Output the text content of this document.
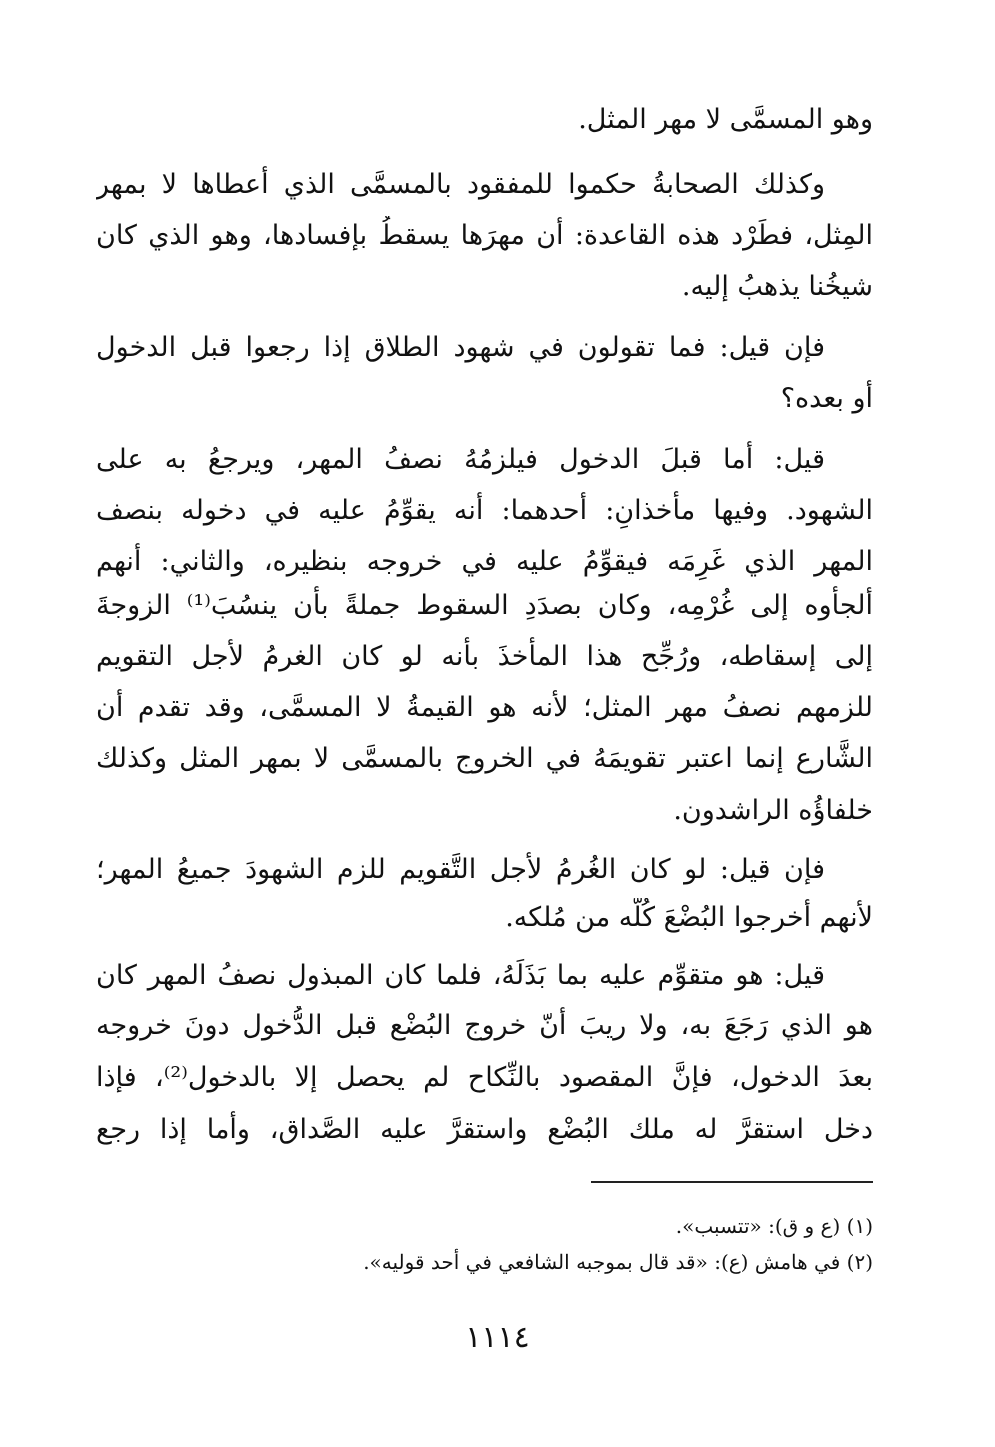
وهو المسمَّى لا مهر المثل.
وكذلك الصحابةُ حكموا للمفقود بالمسمَّى الذي أعطاها لا بمهر
المِثل، فطَرْد هذه القاعدة: أن مهرَها يسقطُ بإفسادها، وهو الذي كان
شيخُنا يذهبُ إليه.
فإن قيل: فما تقولون في شهود الطلاق إذا رجعوا قبل الدخول
أو بعده؟
قيل: أما قبلَ الدخول فيلزمُهُ نصفُ المهر، ويرجعُ به على
الشهود. وفيها مأخذانِ: أحدهما: أنه يقوِّمُ عليه في دخوله بنصف
المهر الذي غَرِمَه فيقوِّمُ عليه في خروجه بنظيره، والثاني: أنهم
ألجأوه إلى غُرْمِه، وكان بصدَدِ السقوط جملةً بأن ينسُبَ⁽¹⁾ الزوجةَ
إلى إسقاطه، ورُجِّح هذا المأخذَ بأنه لو كان الغرمُ لأجل التقويم
للزمهم نصفُ مهر المثل؛ لأنه هو القيمةُ لا المسمَّى، وقد تقدم أن
الشَّارع إنما اعتبر تقويمَهُ في الخروج بالمسمَّى لا بمهر المثل وكذلك
خلفاؤُه الراشدون.
فإن قيل: لو كان الغُرمُ لأجل التَّقويم للزم الشهودَ جميعُ المهر؛
لأنهم أخرجوا البُضْعَ كُلَّه من مُلكه.
قيل: هو متقوِّم عليه بما بَذَلَهُ، فلما كان المبذول نصفُ المهر كان
هو الذي رَجَعَ به، ولا ريبَ أنّ خروج البُضْع قبل الدُّخول دونَ خروجه
بعدَ الدخول، فإنَّ المقصود بالنِّكاح لم يحصل إلا بالدخول⁽²⁾، فإذا
دخل استقرَّ له ملك البُضْع واستقرَّ عليه الصَّداق، وأما إذا رجع
(١) (ع و ق): «تتسبب».
(٢) في هامش (ع): «قد قال بموجبه الشافعي في أحد قوليه».
١١١٤
